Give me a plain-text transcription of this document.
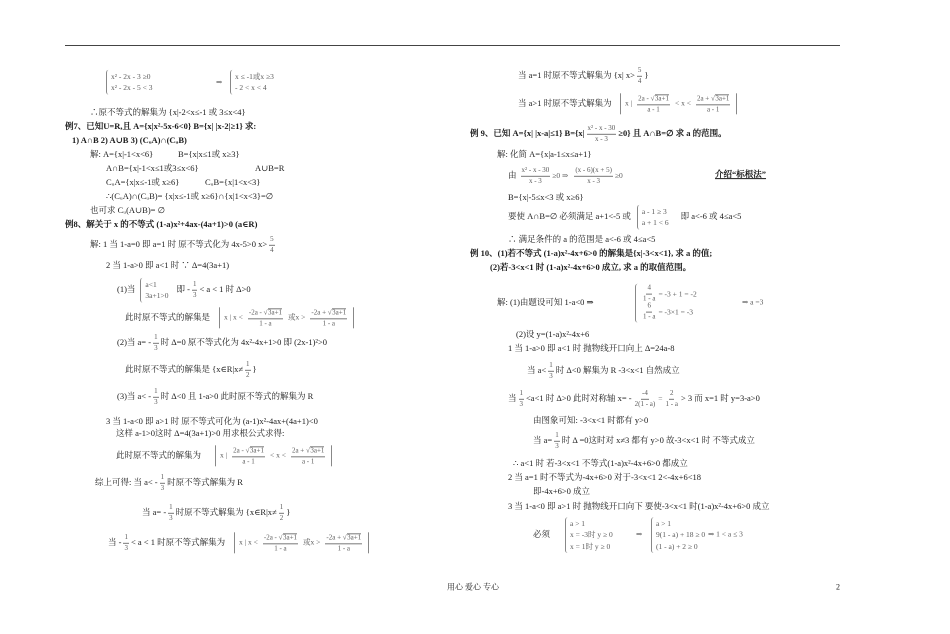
x² - 2x - 3 ≥0
x² - 2x - 5 < 3
⇒
x ≤ -1或x ≥3
- 2 < x < 4
∴原不等式的解集为 {x|-2<x≤-1 或 3≤x<4}
例7、已知U=R,且 A={x|x²-5x-6<0} B={x| |x-2|≥1} 求:
1) A∩B 2) A∪B 3) (CᵤA)∩(CᵤB)
解: A={x|-1<x<6}	B={x|x≤1或 x≥3}
A∩B={x|-1<x≤1或3≤x<6}	A∪B=R
CᵤA={x|x≤-1或 x≥6}	CᵤB={x|1<x<3}
∴(CᵤA)∩(CᵤB)= {x|x≤-1或 x≥6}∩{x|1<x<3}=∅
也可求 Cᵤ(A∪B)= ∅
例8、解关于 x 的不等式 (1-a)x²+4ax-(4a+1)>0 (a∈R)
解: 1 当 1-a=0 即 a=1 时 原不等式化为 4x-5>0 $x> \frac{5}{4}$
2 当 1-a>0 即 a<1 时 ∵ Δ=4(3a+1)
(1)当 a<1
3a+1>0
即 - $\frac{1}{3} < a < 1$ 时 Δ>0
此时原不等式的解集是 x | $x < \frac{-2a - √ 3a+1}{1 - a}$ 或$x > \frac{-2a + √ 3a+1}{1 - a}$
(2)当 $a= - \frac{1}{3}$ 时 Δ=0 原不等式化为 4x²-4x+1>0 即 (2x-1)²>0
此时原不等式的解集是 {x∈R|x≠ $\frac{1}{2}$ }
(3)当 $a< - \frac{1}{3}$ 时 Δ<0 且 1-a>0 此时原不等式的解集为 R
3 当 1-a<0 即 a>1 时 原不等式可化为 (a-1)x²-4ax+(4a+1)<0
这样 a-1>0这时 Δ=4(3a+1)>0 用求根公式求得:
此时原不等式的解集为	x | $\frac{2a - √ 3a+1}{a - 1} < x < \frac{2a + √ 3a+1}{a - 1}$
综上可得: 当 $a< - \frac{1}{3}$ 时原不等式解集为 R
当 $a= - \frac{1}{3}$ 时原不等式解集为 {x∈R|x≠ $\frac{1}{2}$ }
当 - $\frac{1}{3} < a < 1$ 时原不等式解集为 x | $x < \frac{-2a - √ 3a+1}{1 - a}$ 或$x > \frac{-2a + √ 3a+1}{1 - a}$
当 a=1 时原不等式解集为 {x| $x> \frac{5}{4}$ }
当 a>1 时原不等式解集为 x | $\frac{2a - √ 3a+1}{a - 1} < x < \frac{2a + √ 3a+1}{a - 1}$
例 9、已知 A={x| |x-a|≤1} $B=\{x| \frac{\text{x² - x - 30}}{x - 3} \ge 0\}$ 且 A∩B=∅ 求 a 的范围。
解: 化简 A={x|a-1≤x≤a+1}
由 $\frac{\text{x² - x - 30}}{x - 3} \ge 0$ ⇒ $\frac{(x - 6)(x + 5)}{x - 3} \ge 0$	介绍“标根法”
B={x|-5≤x<3 或 x≥6}
要使 A∩B=∅ 必须满足 a+1<-5 或 a - 1 ≥ 3
a + 1 < 6
即 a<-6 或 4≤a<5
∴ 满足条件的 a 的范围是 a<-6 或 4≤a<5
例 10、(1)若不等式 (1-a)x²-4x+6>0 的解集是{x|-3<x<1}, 求 a 的值;
(2)若-3<x<1 时 (1-a)x²-4x+6>0 成立, 求 a 的取值范围。
解: (1)由题设可知 1-a<0 ⇒	$\frac{4}{1 - a} = -3 + 1 = -2$
$\frac{6}{1 - a} = -3\times 1 = -3$
⇒ a =3
(2)设 y=(1-a)x²-4x+6
1 当 1-a>0 即 a<1 时 抛物线开口向上 Δ=24a-8
当 $a< \frac{1}{3}$ 时 Δ<0 解集为 R -3<x<1 自然成立
当 $\frac{1}{3} <a<1$ 时 Δ>0 此时对称轴 $x= - \frac{-4}{2(1 - a)} = \frac{2}{1 - a} > 3$ 而 x=1 时 y=3-a>0
由图象可知: -3<x<1 时都有 y>0
当 $a= \frac{1}{3}$ 时 Δ =0这时对 x≠3 都有 y>0 故-3<x<1 时 不等式成立
∴ a<1 时 若-3<x<1 不等式(1-a)x²-4x+6>0 都成立
2 当 a=1 时不等式为-4x+6>0 对于-3<x<1 2<-4x+6<18
即-4x+6>0 成立
3 当 1-a<0 即 a>1 时 抛物线开口向下 要使-3<x<1 时(1-a)x²-4x+6>0 成立
必须
a > 1
x = -3时 y ≥ 0
x = 1时 y ≥ 0
⇒
a > 1
9(1 - a) + 18 ≥ 0
(1 - a) + 2 ≥ 0
⇒ 1 < a ≤ 3
用心 爱心 专心	2
